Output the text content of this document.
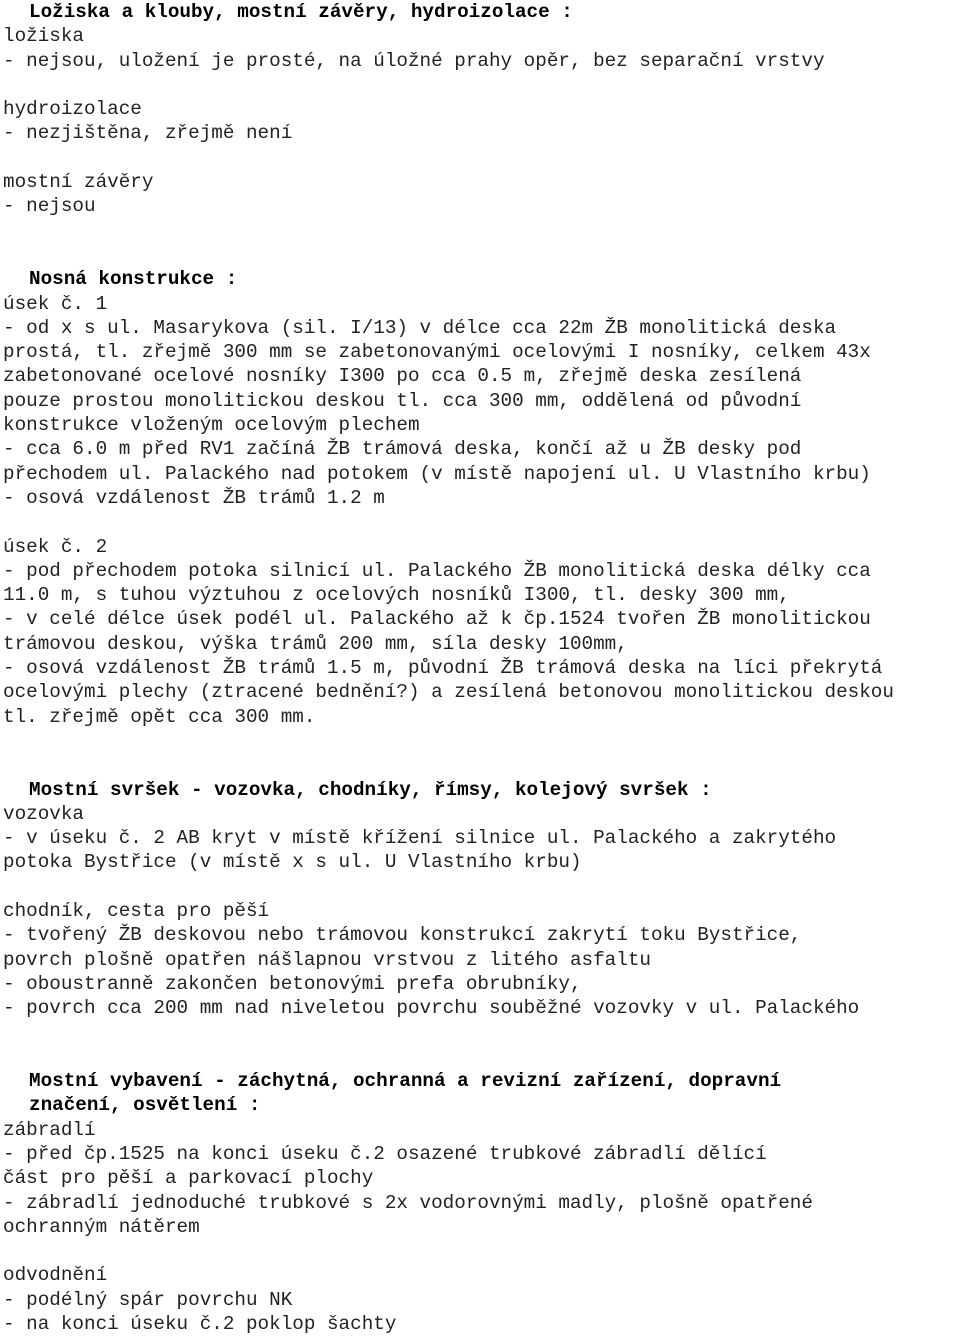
Ložiska a klouby, mostní závěry, hydroizolace :
ložiska
- nejsou, uložení je prosté, na úložné prahy opěr, bez separační vrstvy
hydroizolace
- nezjištěna, zřejmě není
mostní závěry
- nejsou
Nosná konstrukce :
úsek č. 1
- od x s ul. Masarykova (sil. I/13) v délce cca 22m ŽB monolitická deska
prostá, tl. zřejmě 300 mm se zabetonovanými ocelovými I nosníky, celkem 43x
zabetonované ocelové nosníky I300 po cca 0.5 m, zřejmě deska zesílená
pouze prostou monolitickou deskou tl. cca 300 mm, oddělená od původní
konstrukce vloženým ocelovým plechem
- cca 6.0 m před RV1 začíná ŽB trámová deska, končí až u ŽB desky pod
přechodem ul. Palackého nad potokem (v místě napojení ul. U Vlastního krbu)
- osová vzdálenost ŽB trámů 1.2 m
úsek č. 2
- pod přechodem potoka silnicí ul. Palackého ŽB monolitická deska délky cca
11.0 m, s tuhou výztuhou z ocelových nosníků I300, tl. desky 300 mm,
- v celé délce úsek podél ul. Palackého až k čp.1524 tvořen ŽB monolitickou
trámovou deskou, výška trámů 200 mm, síla desky 100mm,
- osová vzdálenost ŽB trámů 1.5 m, původní ŽB trámová deska na líci překrytá
ocelovými plechy (ztracené bednění?) a zesílená betonovou monolitickou deskou
tl. zřejmě opět cca 300 mm.
Mostní svršek - vozovka, chodníky, římsy, kolejový svršek :
vozovka
- v úseku č. 2 AB kryt v místě křížení silnice ul. Palackého a zakrytého
potoka Bystřice (v místě x s ul. U Vlastního krbu)
chodník, cesta pro pěší
- tvořený ŽB deskovou nebo trámovou konstrukcí zakrytí toku Bystřice,
povrch plošně opatřen nášlapnou vrstvou z litého asfaltu
- oboustranně zakončen betonovými prefa obrubníky,
- povrch cca 200 mm nad niveletou povrchu souběžné vozovky v ul. Palackého
Mostní vybavení - záchytná, ochranná a revizní zařízení, dopravní
značení, osvětlení :
zábradlí
- před čp.1525 na konci úseku č.2 osazené trubkové zábradlí dělící
část pro pěší a parkovací plochy
- zábradlí jednoduché trubkové s 2x vodorovnými madly, plošně opatřené
ochranným nátěrem
odvodnění
- podélný spár povrchu NK
- na konci úseku č.2 poklop šachty
